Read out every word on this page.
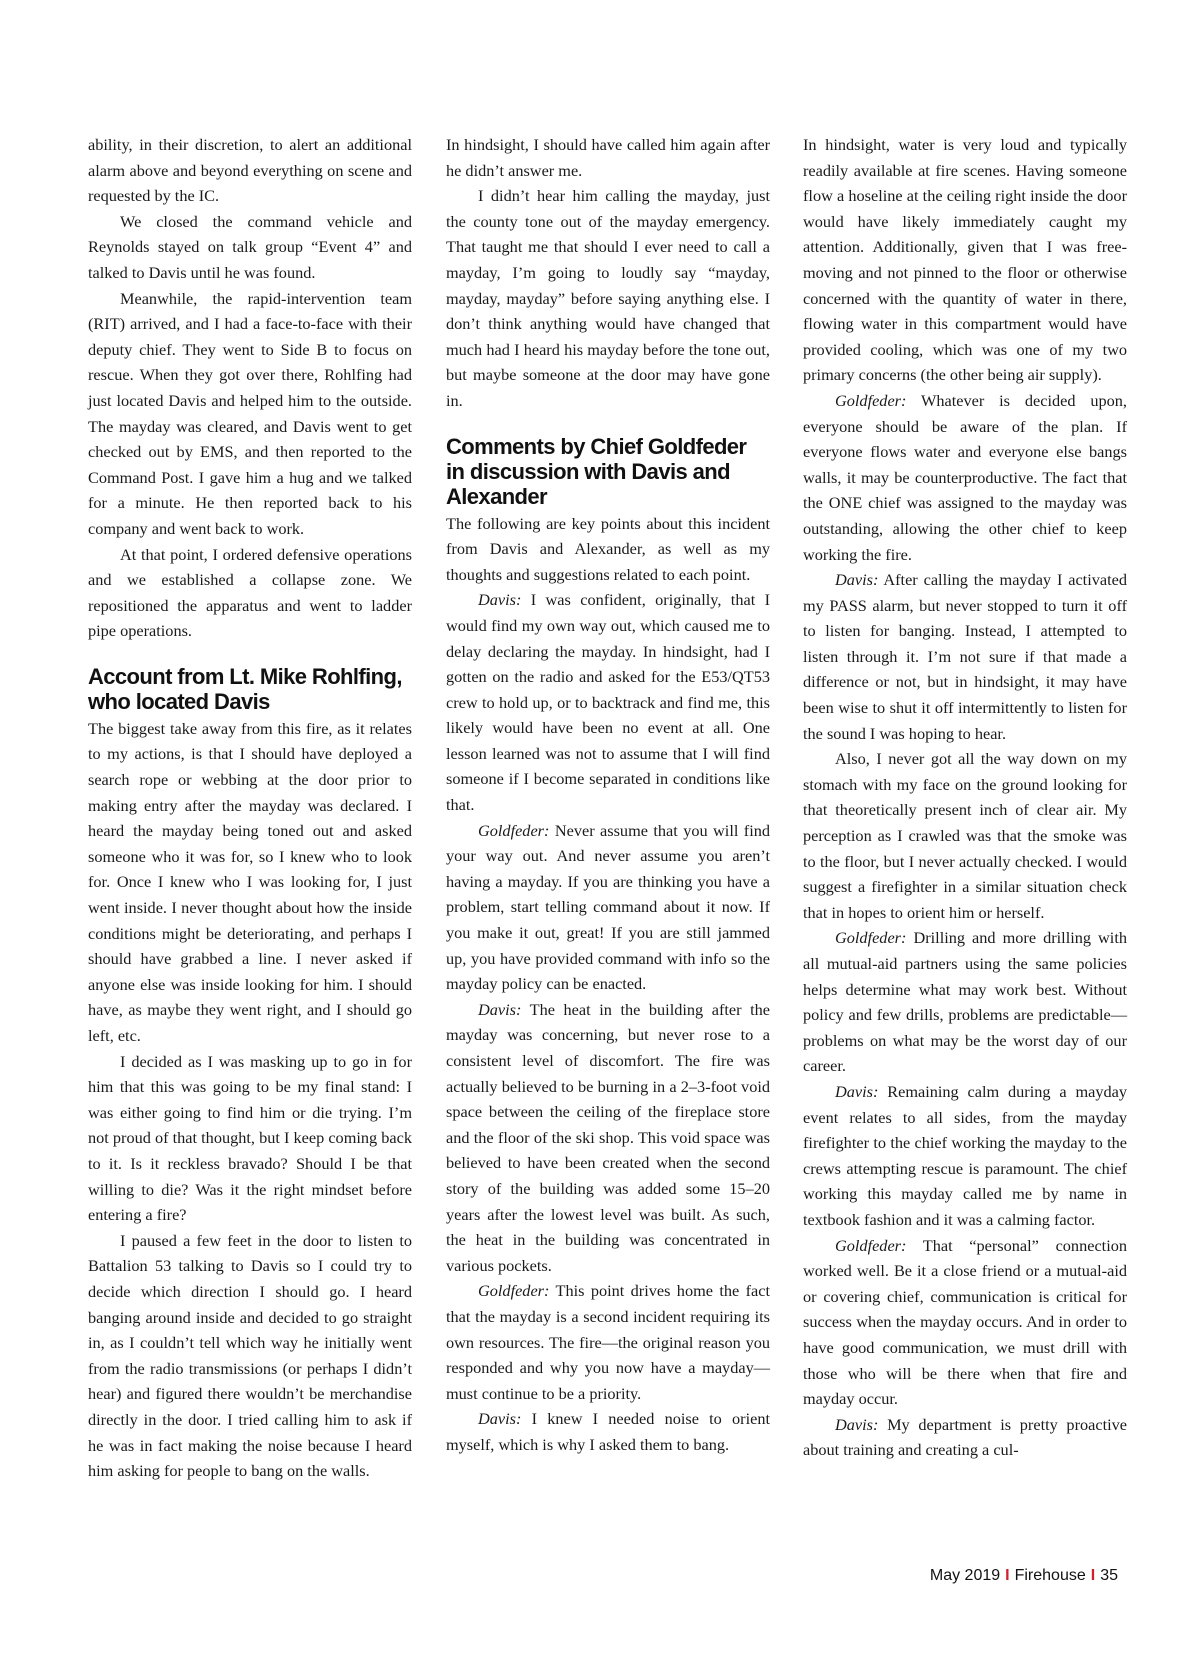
ability, in their discretion, to alert an additional alarm above and beyond everything on scene and requested by the IC.

We closed the command vehicle and Reynolds stayed on talk group “Event 4” and talked to Davis until he was found.

Meanwhile, the rapid-intervention team (RIT) arrived, and I had a face-to-face with their deputy chief. They went to Side B to focus on rescue. When they got over there, Rohlfing had just located Davis and helped him to the outside. The mayday was cleared, and Davis went to get checked out by EMS, and then reported to the Command Post. I gave him a hug and we talked for a minute. He then reported back to his company and went back to work.

At that point, I ordered defensive operations and we established a collapse zone. We repositioned the apparatus and went to ladder pipe operations.

Account from Lt. Mike Rohlfing, who located Davis

The biggest take away from this fire, as it relates to my actions, is that I should have deployed a search rope or webbing at the door prior to making entry after the mayday was declared. I heard the mayday being toned out and asked someone who it was for, so I knew who to look for. Once I knew who I was looking for, I just went inside. I never thought about how the inside conditions might be deteriorating, and perhaps I should have grabbed a line. I never asked if anyone else was inside looking for him. I should have, as maybe they went right, and I should go left, etc.

I decided as I was masking up to go in for him that this was going to be my final stand: I was either going to find him or die trying. I’m not proud of that thought, but I keep coming back to it. Is it reckless bravado? Should I be that willing to die? Was it the right mindset before entering a fire?

I paused a few feet in the door to listen to Battalion 53 talking to Davis so I could try to decide which direction I should go. I heard banging around inside and decided to go straight in, as I couldn’t tell which way he initially went from the radio transmissions (or perhaps I didn’t hear) and figured there wouldn’t be merchandise directly in the door. I tried calling him to ask if he was in fact making the noise because I heard him asking for people to bang on the walls.

In hindsight, I should have called him again after he didn’t answer me.

I didn’t hear him calling the mayday, just the county tone out of the mayday emergency. That taught me that should I ever need to call a mayday, I’m going to loudly say “mayday, mayday, mayday” before saying anything else. I don’t think anything would have changed that much had I heard his mayday before the tone out, but maybe someone at the door may have gone in.

Comments by Chief Goldfeder in discussion with Davis and Alexander

The following are key points about this incident from Davis and Alexander, as well as my thoughts and suggestions related to each point.

Davis: I was confident, originally, that I would find my own way out, which caused me to delay declaring the mayday. In hindsight, had I gotten on the radio and asked for the E53/QT53 crew to hold up, or to backtrack and find me, this likely would have been no event at all. One lesson learned was not to assume that I will find someone if I become separated in conditions like that.

Goldfeder: Never assume that you will find your way out. And never assume you aren’t having a mayday. If you are thinking you have a problem, start telling command about it now. If you make it out, great! If you are still jammed up, you have provided command with info so the mayday policy can be enacted.

Davis: The heat in the building after the mayday was concerning, but never rose to a consistent level of discomfort. The fire was actually believed to be burning in a 2–3-foot void space between the ceiling of the fireplace store and the floor of the ski shop. This void space was believed to have been created when the second story of the building was added some 15–20 years after the lowest level was built. As such, the heat in the building was concentrated in various pockets.

Goldfeder: This point drives home the fact that the mayday is a second incident requiring its own resources. The fire—the original reason you responded and why you now have a mayday—must continue to be a priority.

Davis: I knew I needed noise to orient myself, which is why I asked them to bang.

In hindsight, water is very loud and typically readily available at fire scenes. Having someone flow a hoseline at the ceiling right inside the door would have likely immediately caught my attention. Additionally, given that I was free-moving and not pinned to the floor or otherwise concerned with the quantity of water in there, flowing water in this compartment would have provided cooling, which was one of my two primary concerns (the other being air supply).

Goldfeder: Whatever is decided upon, everyone should be aware of the plan. If everyone flows water and everyone else bangs walls, it may be counterproductive. The fact that the ONE chief was assigned to the mayday was outstanding, allowing the other chief to keep working the fire.

Davis: After calling the mayday I activated my PASS alarm, but never stopped to turn it off to listen for banging. Instead, I attempted to listen through it. I’m not sure if that made a difference or not, but in hindsight, it may have been wise to shut it off intermittently to listen for the sound I was hoping to hear.

Also, I never got all the way down on my stomach with my face on the ground looking for that theoretically present inch of clear air. My perception as I crawled was that the smoke was to the floor, but I never actually checked. I would suggest a firefighter in a similar situation check that in hopes to orient him or herself.

Goldfeder: Drilling and more drilling with all mutual-aid partners using the same policies helps determine what may work best. Without policy and few drills, problems are predictable—problems on what may be the worst day of our career.

Davis: Remaining calm during a mayday event relates to all sides, from the mayday firefighter to the chief working the mayday to the crews attempting rescue is paramount. The chief working this mayday called me by name in textbook fashion and it was a calming factor.

Goldfeder: That “personal” connection worked well. Be it a close friend or a mutual-aid or covering chief, communication is critical for success when the mayday occurs. And in order to have good communication, we must drill with those who will be there when that fire and mayday occur.

Davis: My department is pretty proactive about training and creating a cul-

May 2019 I Firehouse I 35
